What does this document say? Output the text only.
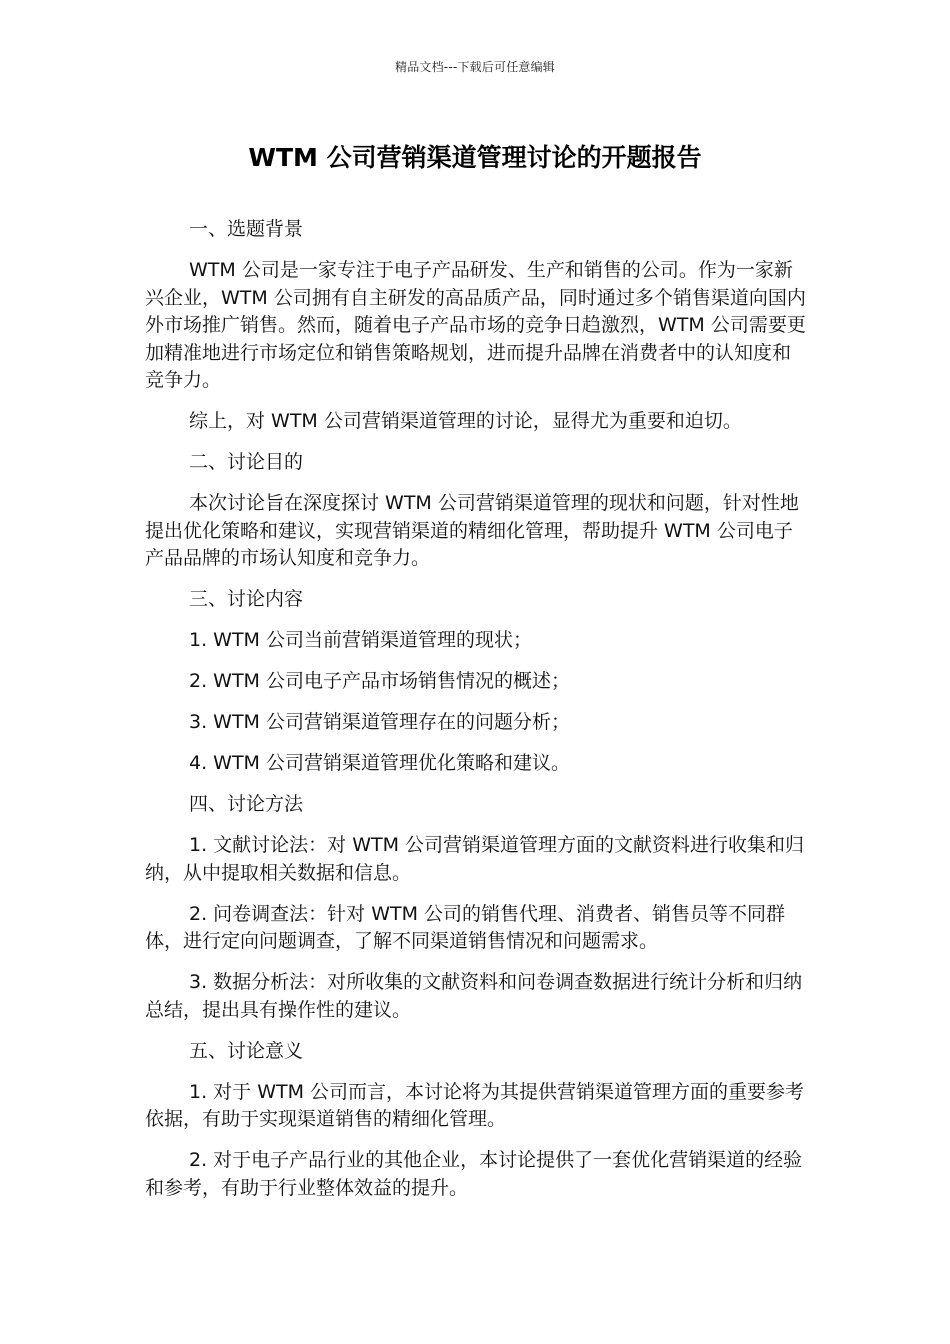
精品文档---下载后可任意编辑
WTM 公司营销渠道管理讨论的开题报告

一、选题背景

WTM 公司是一家专注于电子产品研发、生产和销售的公司。作为一家新兴企业，WTM 公司拥有自主研发的高品质产品，同时通过多个销售渠道向国内外市场推广销售。然而，随着电子产品市场的竞争日趋激烈，WTM 公司需要更加精准地进行市场定位和销售策略规划，进而提升品牌在消费者中的认知度和竞争力。

综上，对 WTM 公司营销渠道管理的讨论，显得尤为重要和迫切。

二、讨论目的

本次讨论旨在深度探讨 WTM 公司营销渠道管理的现状和问题，针对性地提出优化策略和建议，实现营销渠道的精细化管理，帮助提升 WTM 公司电子产品品牌的市场认知度和竞争力。

三、讨论内容

1. WTM 公司当前营销渠道管理的现状；

2. WTM 公司电子产品市场销售情况的概述；

3. WTM 公司营销渠道管理存在的问题分析；

4. WTM 公司营销渠道管理优化策略和建议。

四、讨论方法

1. 文献讨论法：对 WTM 公司营销渠道管理方面的文献资料进行收集和归纳，从中提取相关数据和信息。

2. 问卷调查法：针对 WTM 公司的销售代理、消费者、销售员等不同群体，进行定向问题调查，了解不同渠道销售情况和问题需求。

3. 数据分析法：对所收集的文献资料和问卷调查数据进行统计分析和归纳总结，提出具有操作性的建议。

五、讨论意义

1. 对于 WTM 公司而言，本讨论将为其提供营销渠道管理方面的重要参考依据，有助于实现渠道销售的精细化管理。

2. 对于电子产品行业的其他企业，本讨论提供了一套优化营销渠道的经验和参考，有助于行业整体效益的提升。
